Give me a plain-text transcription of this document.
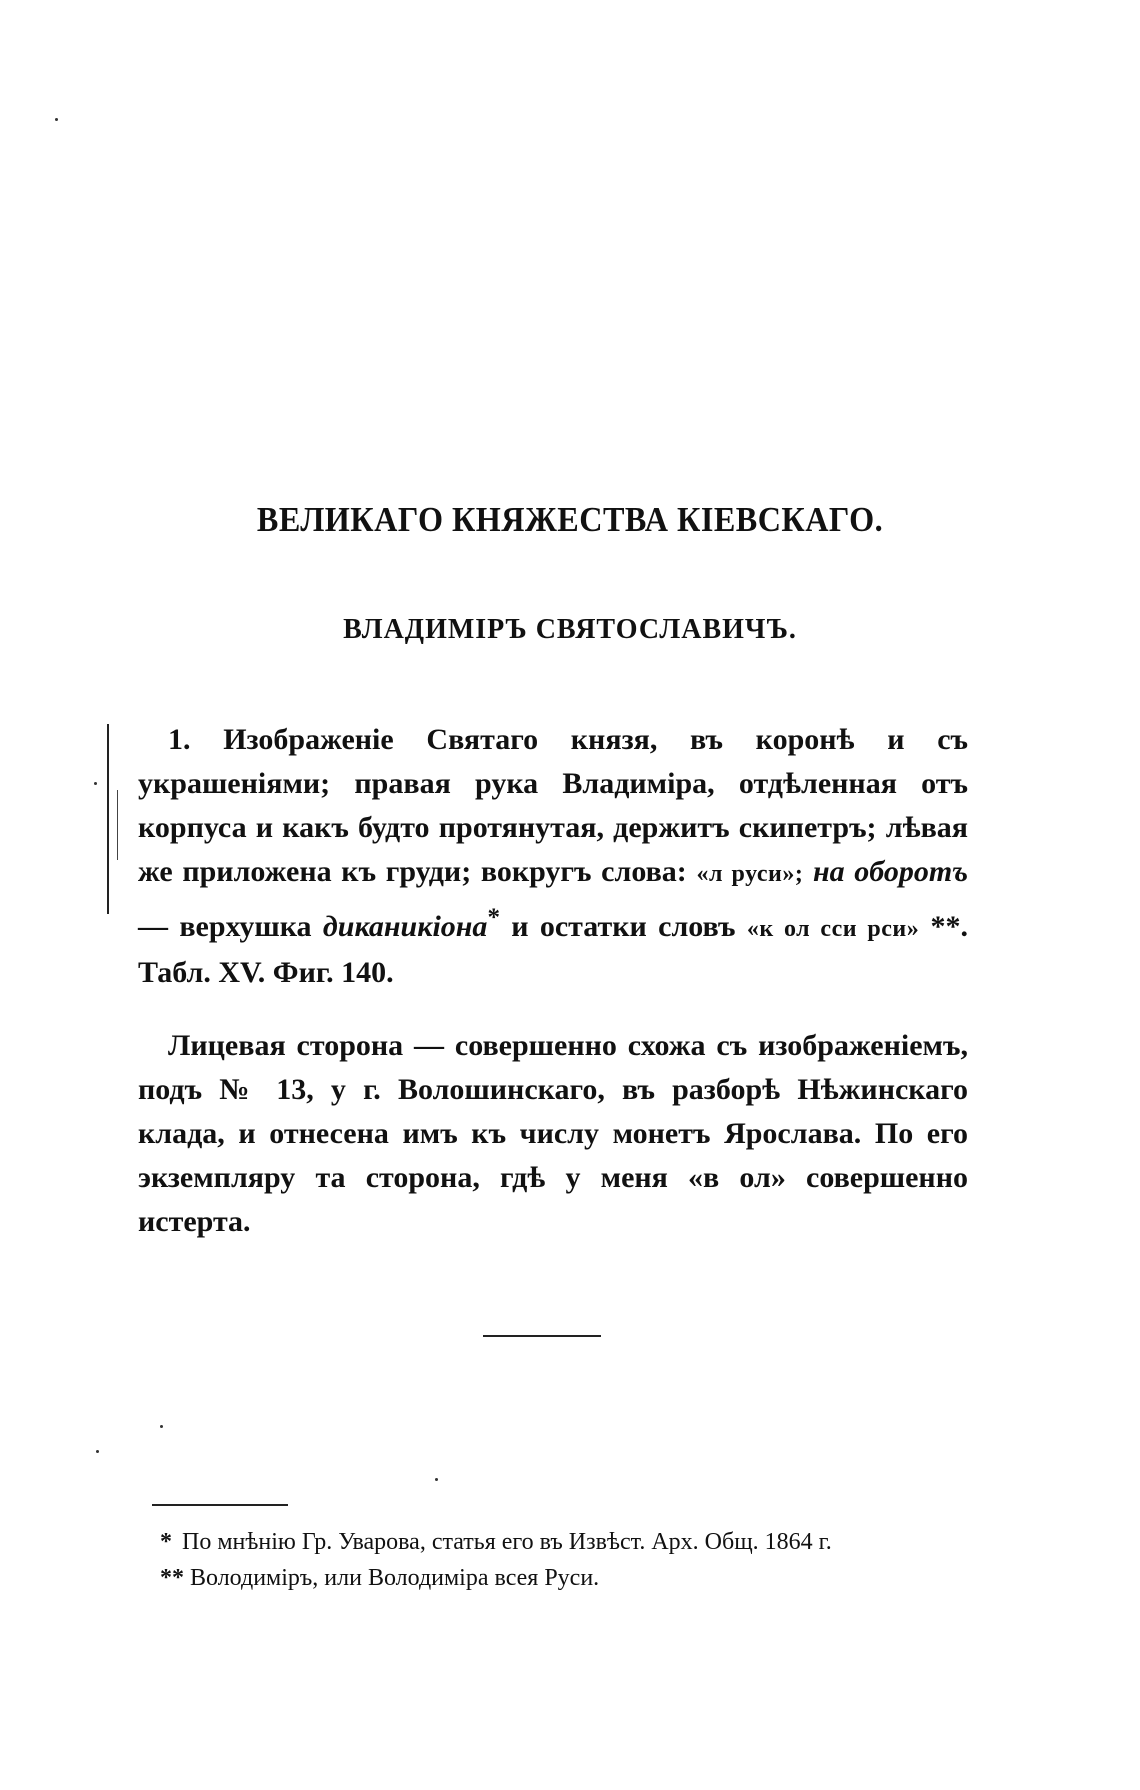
ВЕЛИКАГО КНЯЖЕСТВА КІЕВСКАГО.
ВЛАДИМІРЪ СВЯТОСЛАВИЧЪ.
1. Изображеніе Святаго князя, въ коронѣ и съ украшеніями; правая рука Владиміра, отдѣленная отъ корпуса и какъ будто протянутая, держитъ скипетръ; лѣвая же приложена къ груди; вокругъ слова: «л руси»; на оборотъ — верхушка диканикіона* и остатки словъ «к ол сси рси» **. Табл. XV. Фиг. 140.
Лицевая сторона — совершенно схожа съ изображеніемъ, подъ № 13, у г. Волошинскаго, въ разборѣ Нѣжинскаго клада, и отнесена имъ къ числу монетъ Ярослава. По его экземпляру та сторона, гдѣ у меня «в ол» совершенно истерта.
* По мнѣнію Гр. Уварова, статья его въ Извѣст. Арх. Общ. 1864 г.
** Володиміръ, или Володиміра всея Руси.
